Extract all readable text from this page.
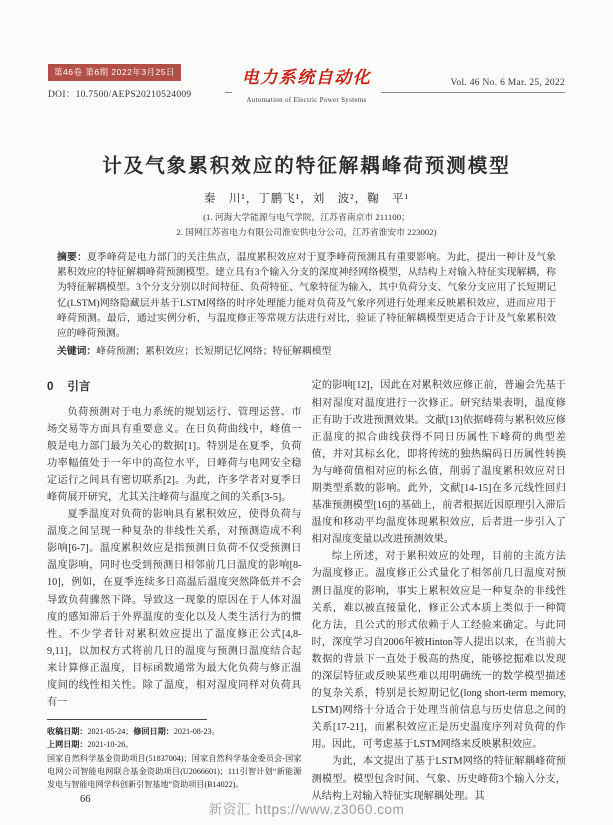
第46卷 第6期 2022年3月25日
DOI：10.7500/AEPS20210524009
电力系统自动化
Automation of Electric Power Systems
Vol. 46 No. 6 Mar. 25, 2022
计及气象累积效应的特征解耦峰荷预测模型
秦　川¹，丁鹏飞¹，刘　波²，鞠　平¹
(1. 河海大学能源与电气学院，江苏省南京市 211100；
2. 国网江苏省电力有限公司淮安供电分公司，江苏省淮安市 223002)

摘要：夏季峰荷是电力部门的关注焦点，温度累积效应对于夏季峰荷预测具有重要影响。为此，提出一种计及气象累积效应的特征解耦峰荷预测模型。建立具有3个输入分支的深度神经网络模型，从结构上对输入特征实现解耦，称为特征解耦模型。3个分支分别以时间特征、负荷特征、气象特征为输入，其中负荷分支、气象分支应用了长短期记忆(LSTM)网络隐藏层并基于LSTM网络的时序处理能力能对负荷及气象序列进行处理来反映累积效应，进而应用于峰荷预测。最后，通过实例分析，与温度修正等常规方法进行对比，验证了特征解耦模型更适合于计及气象累积效应的峰荷预测。

关键词：峰荷预测；累积效应；长短期记忆网络；特征解耦模型

0 引言

负荷预测对于电力系统的规划运行、管理运营、市场交易等方面具有重要意义。在日负荷曲线中，峰值一般是电力部门最为关心的数据[1]。特别是在夏季，负荷功率幅值处于一年中的高位水平，日峰荷与电网安全稳定运行之间具有密切联系[2]。为此，许多学者对夏季日峰荷展开研究，尤其关注峰荷与温度之间的关系[3-5]。

夏季温度对负荷的影响具有累积效应，使得负荷与温度之间呈现一种复杂的非线性关系，对预测造成不利影响[6-7]。温度累积效应是指预测日负荷不仅受预测日温度影响，同时也受到预测日相邻前几日温度的影响[8-10]，例如，在夏季连续多日高温后温度突然降低并不会导致负荷骤然下降。导致这一现象的原因在于人体对温度的感知滞后于外界温度的变化以及人类生活行为的惯性。不少学者针对累积效应提出了温度修正公式[4,8-9,11]，以加权方式将前几日的温度与预测日温度结合起来计算修正温度，目标函数通常为最大化负荷与修正温度间的线性相关性。除了温度，相对湿度同样对负荷具有一

收稿日期：2021-05-24；修回日期：2021-08-23。

上网日期：2021-10-26。

国家自然科学基金资助项目(51837004)；国家自然科学基金委员会-国家电网公司智能电网联合基金资助项目(U2066601)；111引智计划“新能源发电与智能电网学科创新引智基地”资助项目(B14022)。

66

定的影响[12]，因此在对累积效应修正前，普遍会先基于相对湿度对温度进行一次修正。研究结果表明，温度修正有助于改进预测效果。文献[13]依据峰荷与累积效应修正温度的拟合曲线获得不同日历属性下峰荷的典型差值，并对其标幺化，即将传统的独热编码日历属性转换为与峰荷值相对应的标幺值，削弱了温度累积效应对日期类型系数的影响。此外，文献[14-15]在多元线性回归基准预测模型[16]的基础上，前者根据近因原理引入滞后温度和移动平均温度体现累积效应，后者进一步引入了相对湿度变量以改进预测效果。

综上所述，对于累积效应的处理，目前的主流方法为温度修正。温度修正公式量化了相邻前几日温度对预测日温度的影响，事实上累积效应是一种复杂的非线性关系，难以被直接量化，修正公式本质上类似于一种简化方法，且公式的形式依赖于人工经验来确定。与此同时，深度学习自2006年被Hinton等人提出以来，在当前大数据的背景下一直处于极高的热度，能够挖掘难以发现的深层特征或反映某些难以用明确统一的数学模型描述的复杂关系，特别是长短期记忆(long short-term memory, LSTM)网络十分适合于处理当前信息与历史信息之间的关系[17-21]，而累积效应正是历史温度序列对负荷的作用。因此，可考虑基于LSTM网络来反映累积效应。

为此，本文提出了基于LSTM网络的特征解耦峰荷预测模型。模型包含时间、气象、历史峰荷3个输入分支，从结构上对输入特征实现解耦处理。其

新资汇 https://www.z3060.com
